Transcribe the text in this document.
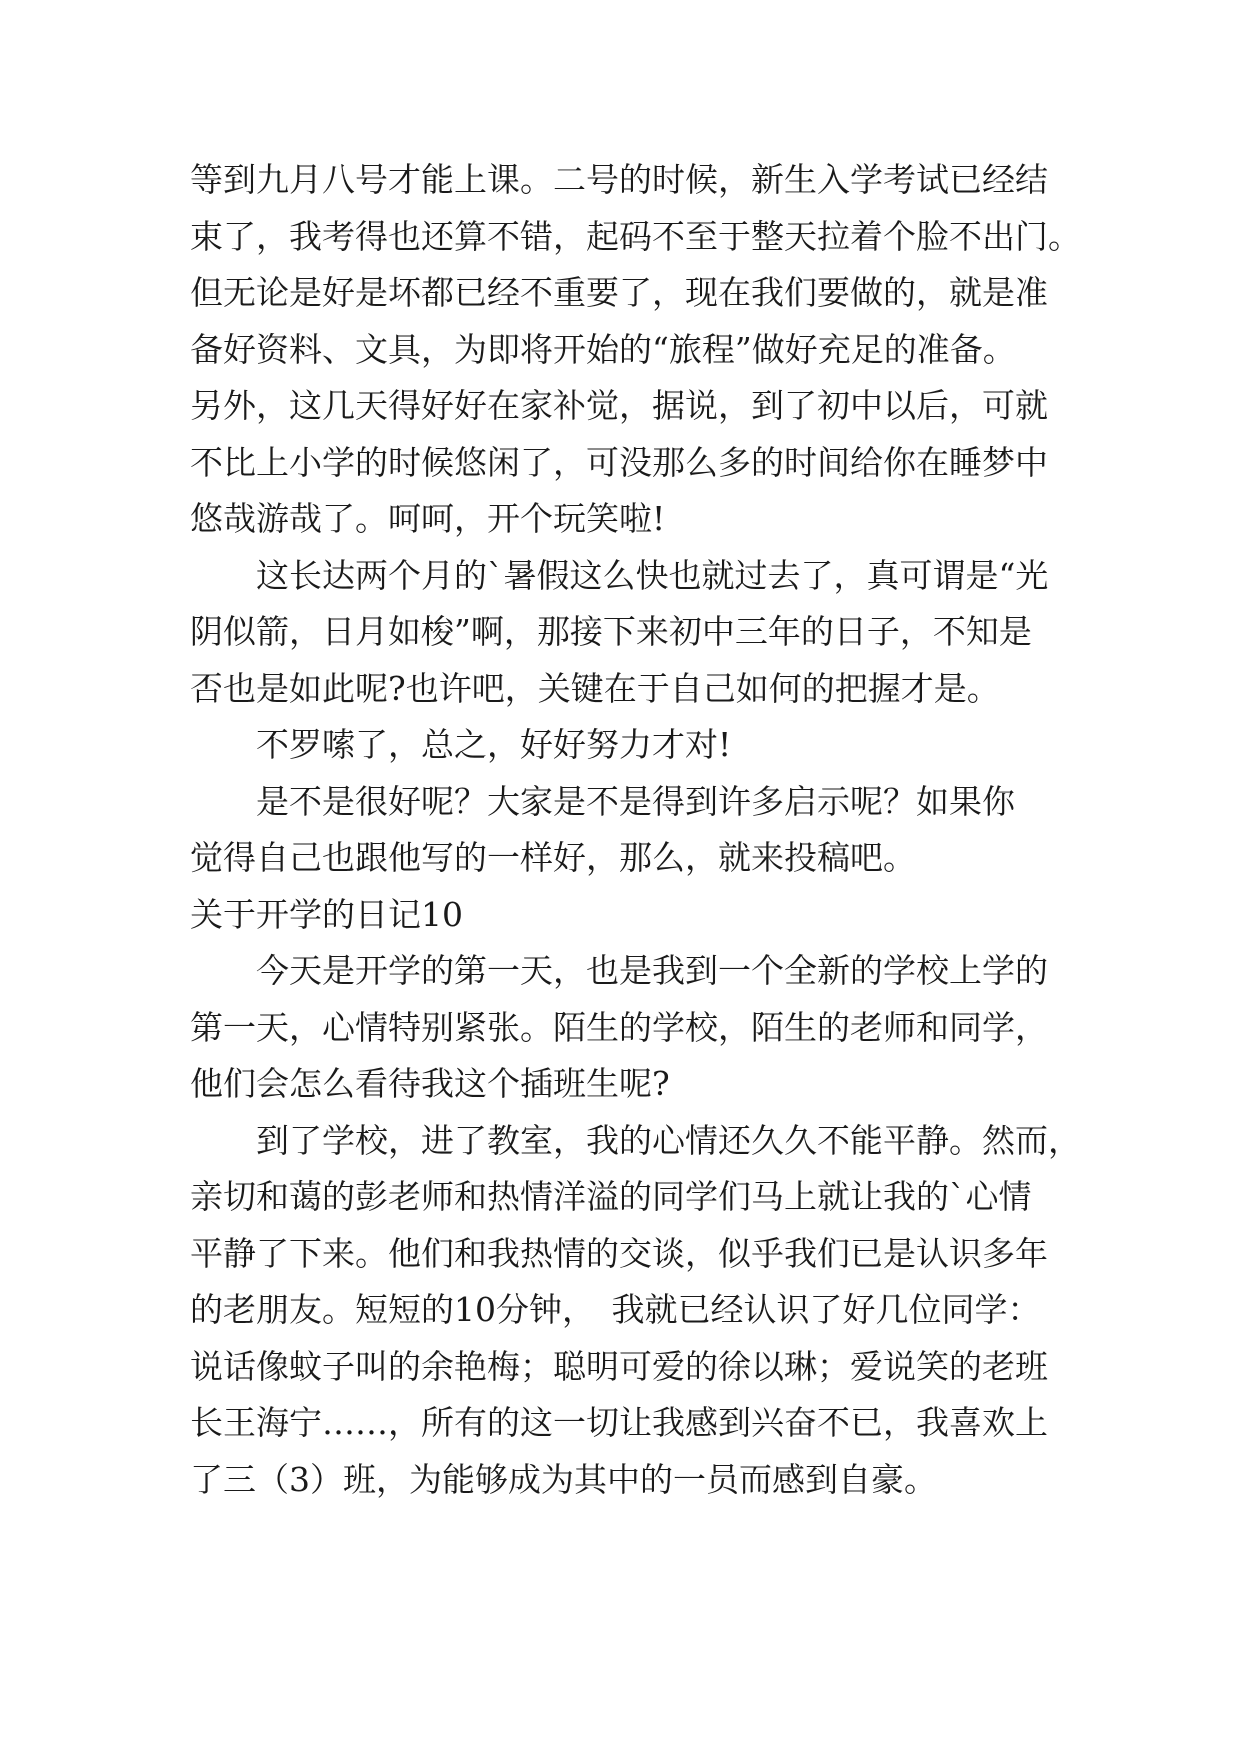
等到九月八号才能上课。二号的时候，新生入学考试已经结
束了，我考得也还算不错，起码不至于整天拉着个脸不出门。
但无论是好是坏都已经不重要了，现在我们要做的，就是准
备好资料、文具，为即将开始的“旅程”做好充足的准备。
另外，这几天得好好在家补觉，据说，到了初中以后，可就
不比上小学的时候悠闲了，可没那么多的时间给你在睡梦中
悠哉游哉了。呵呵，开个玩笑啦!
这长达两个月的`暑假这么快也就过去了，真可谓是“光
阴似箭，日月如梭”啊，那接下来初中三年的日子，不知是
否也是如此呢?也许吧，关键在于自己如何的把握才是。
不罗嗦了，总之，好好努力才对!
是不是很好呢？大家是不是得到许多启示呢？如果你
觉得自己也跟他写的一样好，那么，就来投稿吧。
关于开学的日记10
今天是开学的第一天，也是我到一个全新的学校上学的
第一天，心情特别紧张。陌生的学校，陌生的老师和同学，
他们会怎么看待我这个插班生呢?
到了学校，进了教室，我的心情还久久不能平静。然而，
亲切和蔼的彭老师和热情洋溢的同学们马上就让我的`心情
平静了下来。他们和我热情的交谈，似乎我们已是认识多年
的老朋友。短短的10分钟，　我就已经认识了好几位同学：
说话像蚊子叫的余艳梅；聪明可爱的徐以琳；爱说笑的老班
长王海宁……，所有的这一切让我感到兴奋不已，我喜欢上
了三（3）班，为能够成为其中的一员而感到自豪。
